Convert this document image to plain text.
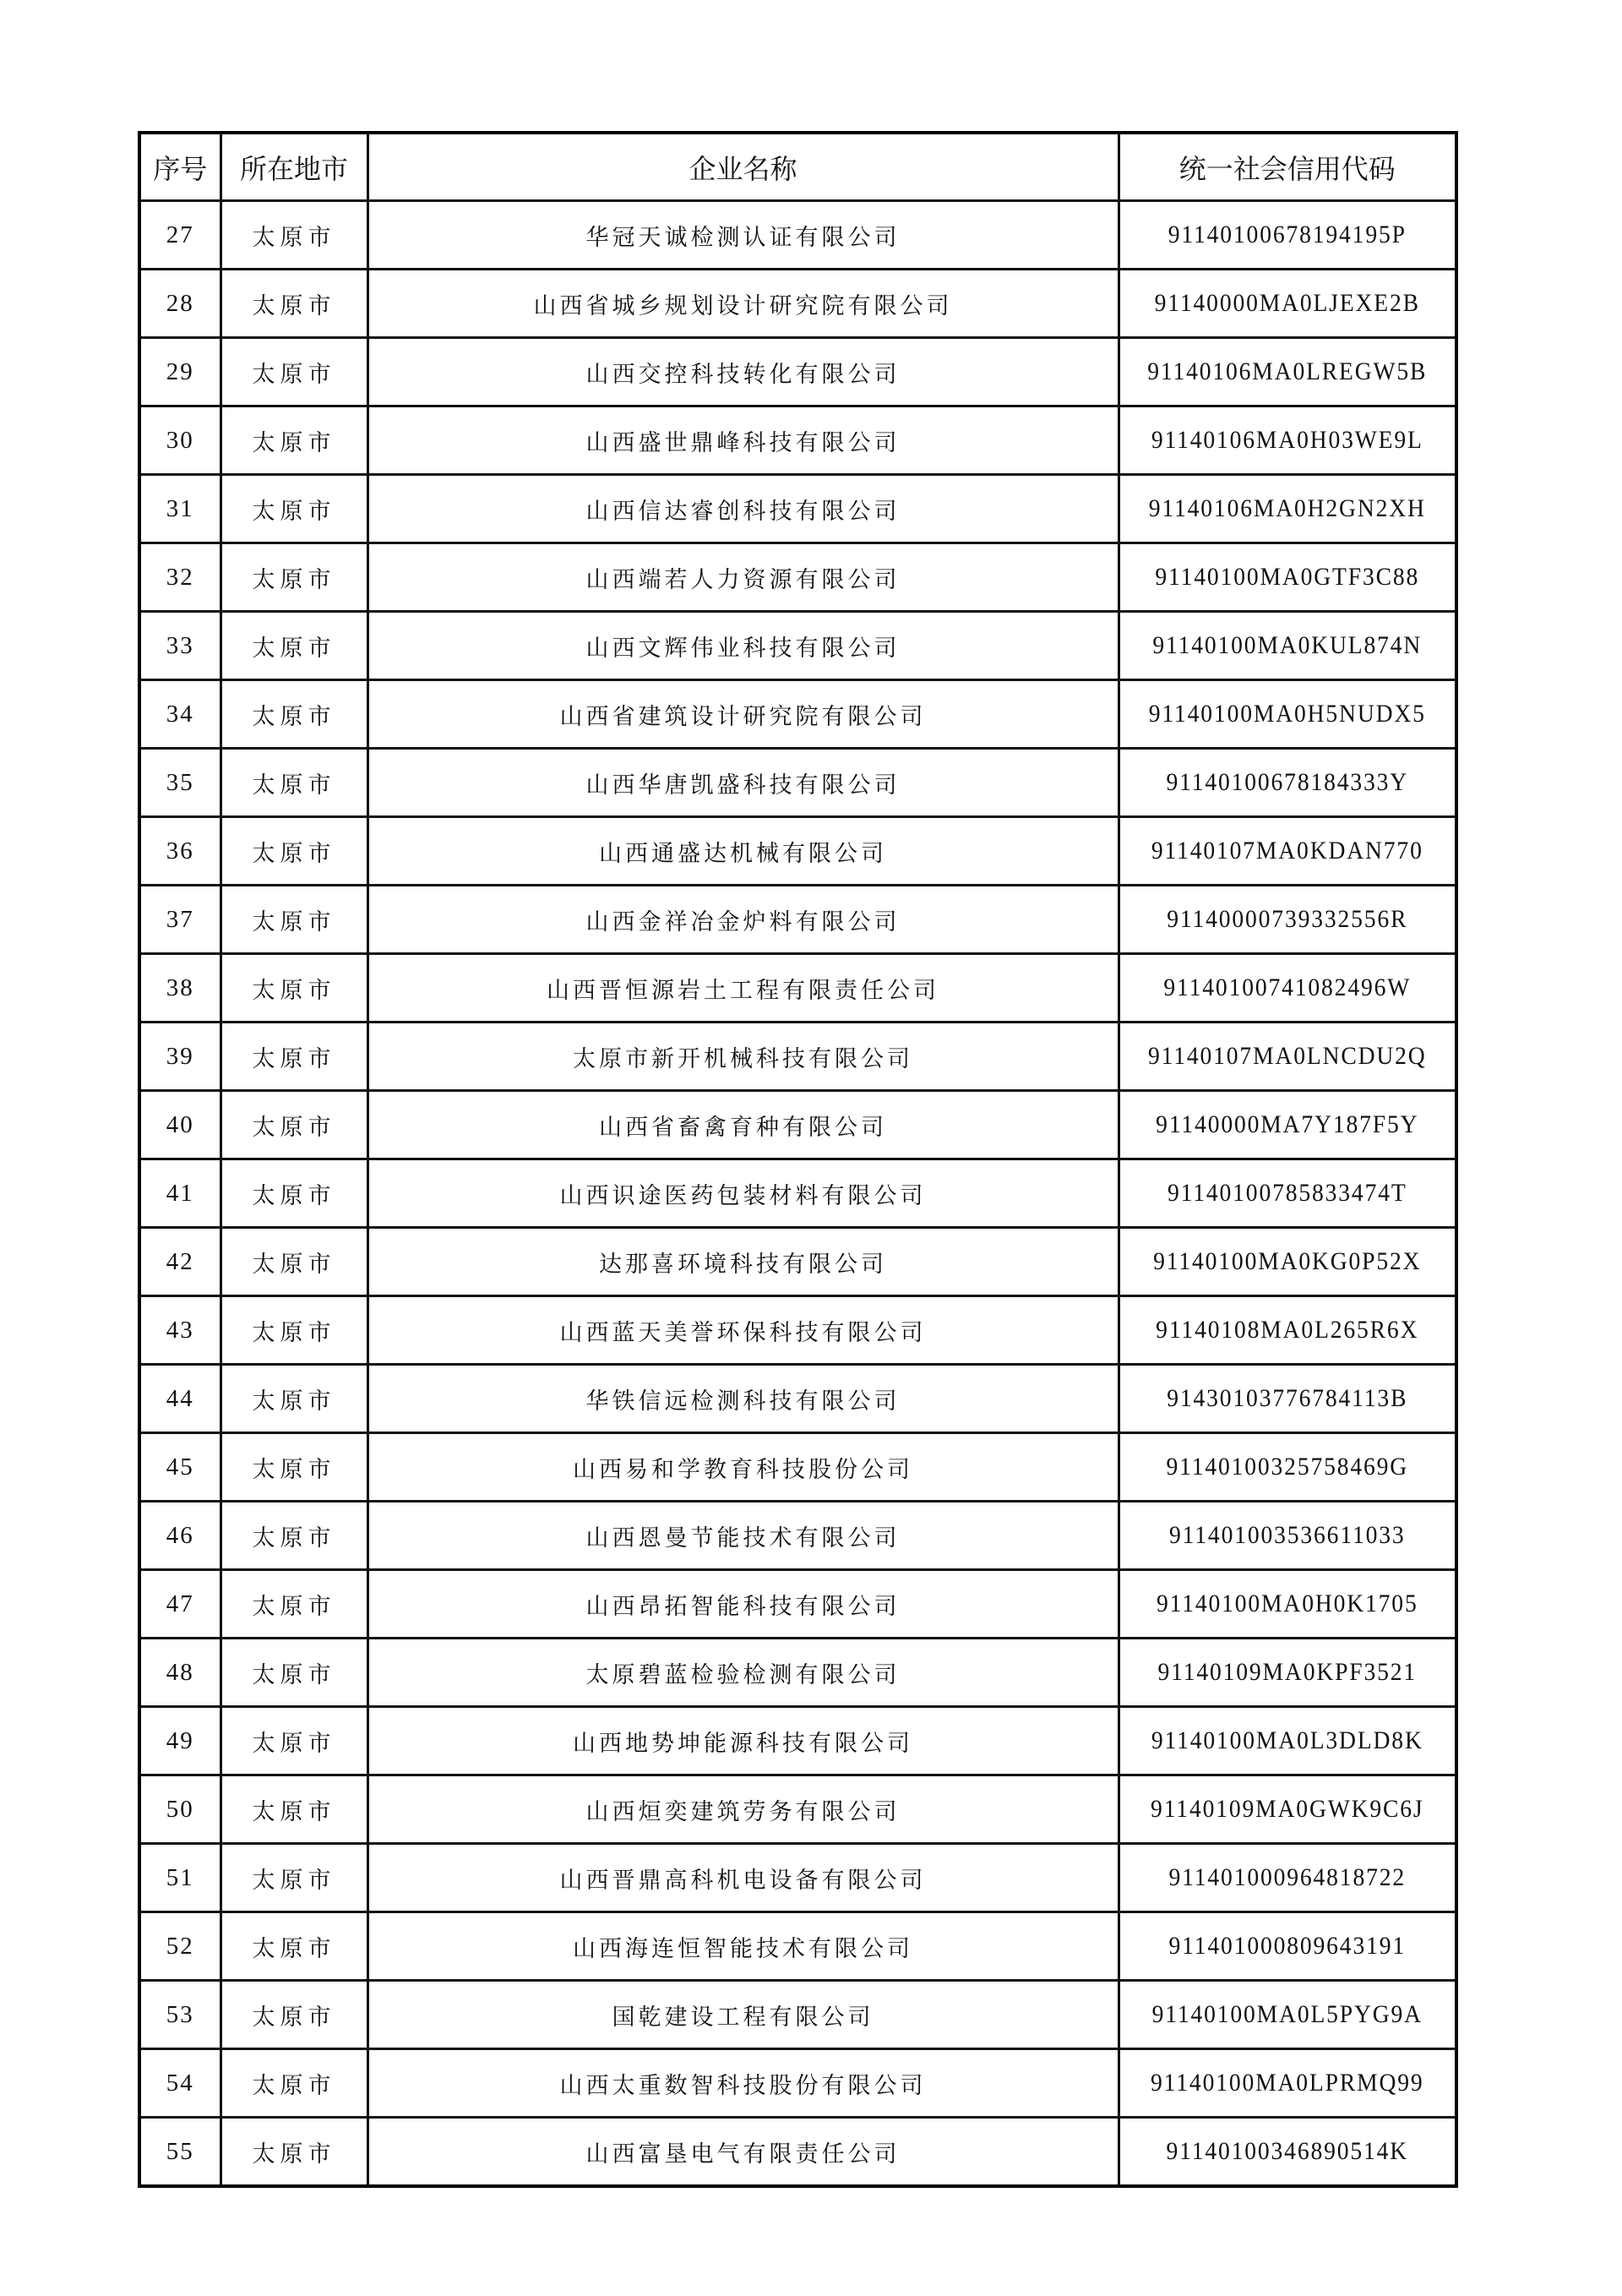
序号	所在地市	企业名称	统一社会信用代码
27	太原市	华冠天诚检测认证有限公司	91140100678194195P
28	太原市	山西省城乡规划设计研究院有限公司	91140000MA0LJEXE2B
29	太原市	山西交控科技转化有限公司	91140106MA0LREGW5B
30	太原市	山西盛世鼎峰科技有限公司	91140106MA0H03WE9L
31	太原市	山西信达睿创科技有限公司	91140106MA0H2GN2XH
32	太原市	山西端若人力资源有限公司	91140100MA0GTF3C88
33	太原市	山西文辉伟业科技有限公司	91140100MA0KUL874N
34	太原市	山西省建筑设计研究院有限公司	91140100MA0H5NUDX5
35	太原市	山西华唐凯盛科技有限公司	91140100678184333Y
36	太原市	山西通盛达机械有限公司	91140107MA0KDAN770
37	太原市	山西金祥冶金炉料有限公司	91140000739332556R
38	太原市	山西晋恒源岩土工程有限责任公司	91140100741082496W
39	太原市	太原市新开机械科技有限公司	91140107MA0LNCDU2Q
40	太原市	山西省畜禽育种有限公司	91140000MA7Y187F5Y
41	太原市	山西识途医药包装材料有限公司	91140100785833474T
42	太原市	达那喜环境科技有限公司	91140100MA0KG0P52X
43	太原市	山西蓝天美誉环保科技有限公司	91140108MA0L265R6X
44	太原市	华铁信远检测科技有限公司	91430103776784113B
45	太原市	山西易和学教育科技股份公司	91140100325758469G
46	太原市	山西恩曼节能技术有限公司	911401003536611033
47	太原市	山西昂拓智能科技有限公司	91140100MA0H0K1705
48	太原市	太原碧蓝检验检测有限公司	91140109MA0KPF3521
49	太原市	山西地势坤能源科技有限公司	91140100MA0L3DLD8K
50	太原市	山西烜奕建筑劳务有限公司	91140109MA0GWK9C6J
51	太原市	山西晋鼎高科机电设备有限公司	911401000964818722
52	太原市	山西海连恒智能技术有限公司	911401000809643191
53	太原市	国乾建设工程有限公司	91140100MA0L5PYG9A
54	太原市	山西太重数智科技股份有限公司	91140100MA0LPRMQ99
55	太原市	山西富垦电气有限责任公司	91140100346890514K
